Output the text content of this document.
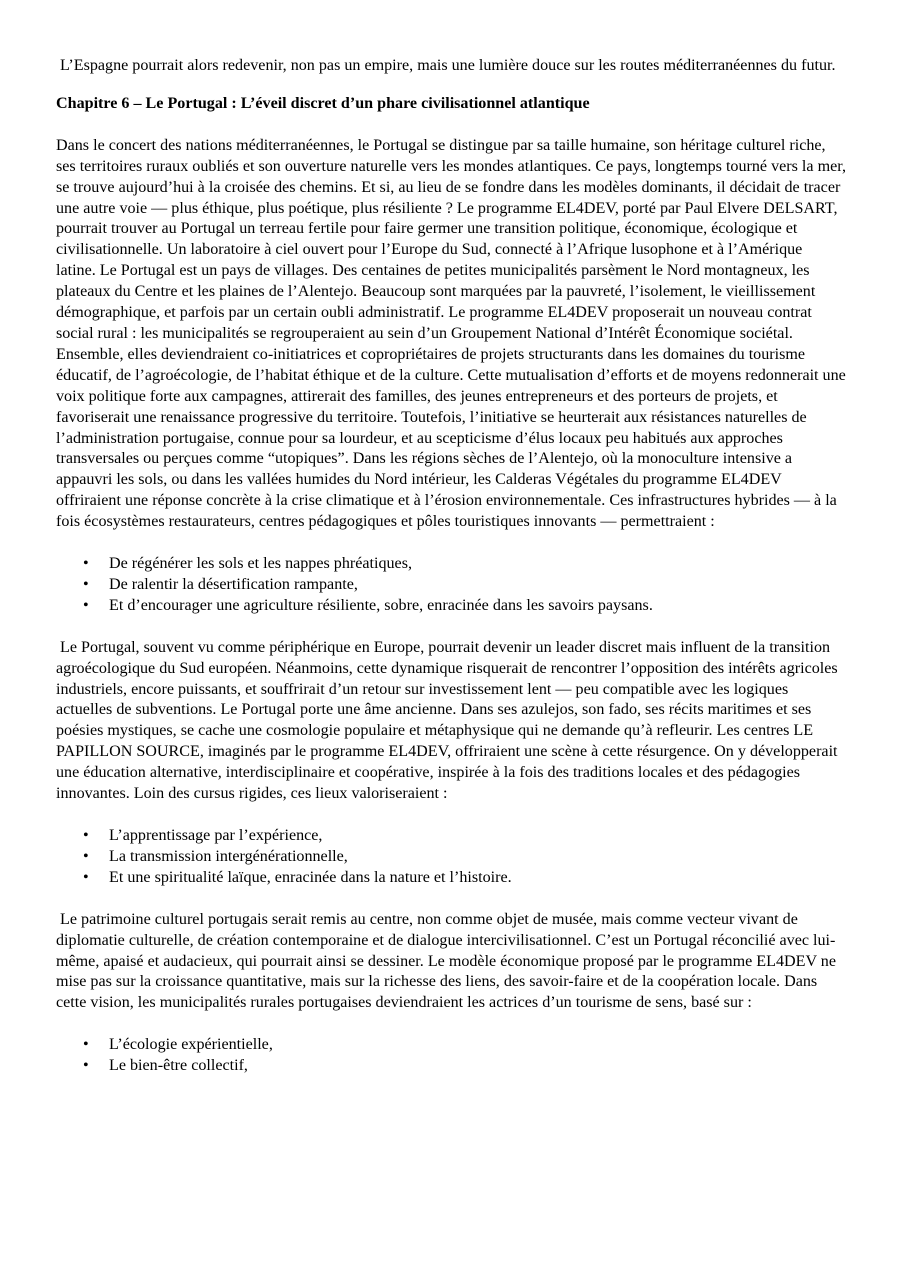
L’Espagne pourrait alors redevenir, non pas un empire, mais une lumière douce sur les routes méditerranéennes du futur.

Chapitre 6 – Le Portugal : L’éveil discret d’un phare civilisationnel atlantique

Dans le concert des nations méditerranéennes, le Portugal se distingue par sa taille humaine, son héritage culturel riche, ses territoires ruraux oubliés et son ouverture naturelle vers les mondes atlantiques. Ce pays, longtemps tourné vers la mer, se trouve aujourd’hui à la croisée des chemins. Et si, au lieu de se fondre dans les modèles dominants, il décidait de tracer une autre voie — plus éthique, plus poétique, plus résiliente ? Le programme EL4DEV, porté par Paul Elvere DELSART, pourrait trouver au Portugal un terreau fertile pour faire germer une transition politique, économique, écologique et civilisationnelle. Un laboratoire à ciel ouvert pour l’Europe du Sud, connecté à l’Afrique lusophone et à l’Amérique latine. Le Portugal est un pays de villages. Des centaines de petites municipalités parsèment le Nord montagneux, les plateaux du Centre et les plaines de l’Alentejo. Beaucoup sont marquées par la pauvreté, l’isolement, le vieillissement démographique, et parfois par un certain oubli administratif. Le programme EL4DEV proposerait un nouveau contrat social rural : les municipalités se regrouperaient au sein d’un Groupement National d’Intérêt Économique sociétal. Ensemble, elles deviendraient co-initiatrices et copropriétaires de projets structurants dans les domaines du tourisme éducatif, de l’agroécologie, de l’habitat éthique et de la culture. Cette mutualisation d’efforts et de moyens redonnerait une voix politique forte aux campagnes, attirerait des familles, des jeunes entrepreneurs et des porteurs de projets, et favoriserait une renaissance progressive du territoire. Toutefois, l’initiative se heurterait aux résistances naturelles de l’administration portugaise, connue pour sa lourdeur, et au scepticisme d’élus locaux peu habitués aux approches transversales ou perçues comme “utopiques”. Dans les régions sèches de l’Alentejo, où la monoculture intensive a appauvri les sols, ou dans les vallées humides du Nord intérieur, les Calderas Végétales du programme EL4DEV offriraient une réponse concrète à la crise climatique et à l’érosion environnementale. Ces infrastructures hybrides — à la fois écosystèmes restaurateurs, centres pédagogiques et pôles touristiques innovants — permettraient :

• De régénérer les sols et les nappes phréatiques,
• De ralentir la désertification rampante,
• Et d’encourager une agriculture résiliente, sobre, enracinée dans les savoirs paysans.

Le Portugal, souvent vu comme périphérique en Europe, pourrait devenir un leader discret mais influent de la transition agroécologique du Sud européen. Néanmoins, cette dynamique risquerait de rencontrer l’opposition des intérêts agricoles industriels, encore puissants, et souffrirait d’un retour sur investissement lent — peu compatible avec les logiques actuelles de subventions. Le Portugal porte une âme ancienne. Dans ses azulejos, son fado, ses récits maritimes et ses poésies mystiques, se cache une cosmologie populaire et métaphysique qui ne demande qu’à refleurir. Les centres LE PAPILLON SOURCE, imaginés par le programme EL4DEV, offriraient une scène à cette résurgence. On y développerait une éducation alternative, interdisciplinaire et coopérative, inspirée à la fois des traditions locales et des pédagogies innovantes. Loin des cursus rigides, ces lieux valoriseraient :

• L’apprentissage par l’expérience,
• La transmission intergénérationnelle,
• Et une spiritualité laïque, enracinée dans la nature et l’histoire.

Le patrimoine culturel portugais serait remis au centre, non comme objet de musée, mais comme vecteur vivant de diplomatie culturelle, de création contemporaine et de dialogue intercivilisationnel. C’est un Portugal réconcilié avec lui-même, apaisé et audacieux, qui pourrait ainsi se dessiner. Le modèle économique proposé par le programme EL4DEV ne mise pas sur la croissance quantitative, mais sur la richesse des liens, des savoir-faire et de la coopération locale. Dans cette vision, les municipalités rurales portugaises deviendraient les actrices d’un tourisme de sens, basé sur :

• L’écologie expérientielle,
• Le bien-être collectif,
